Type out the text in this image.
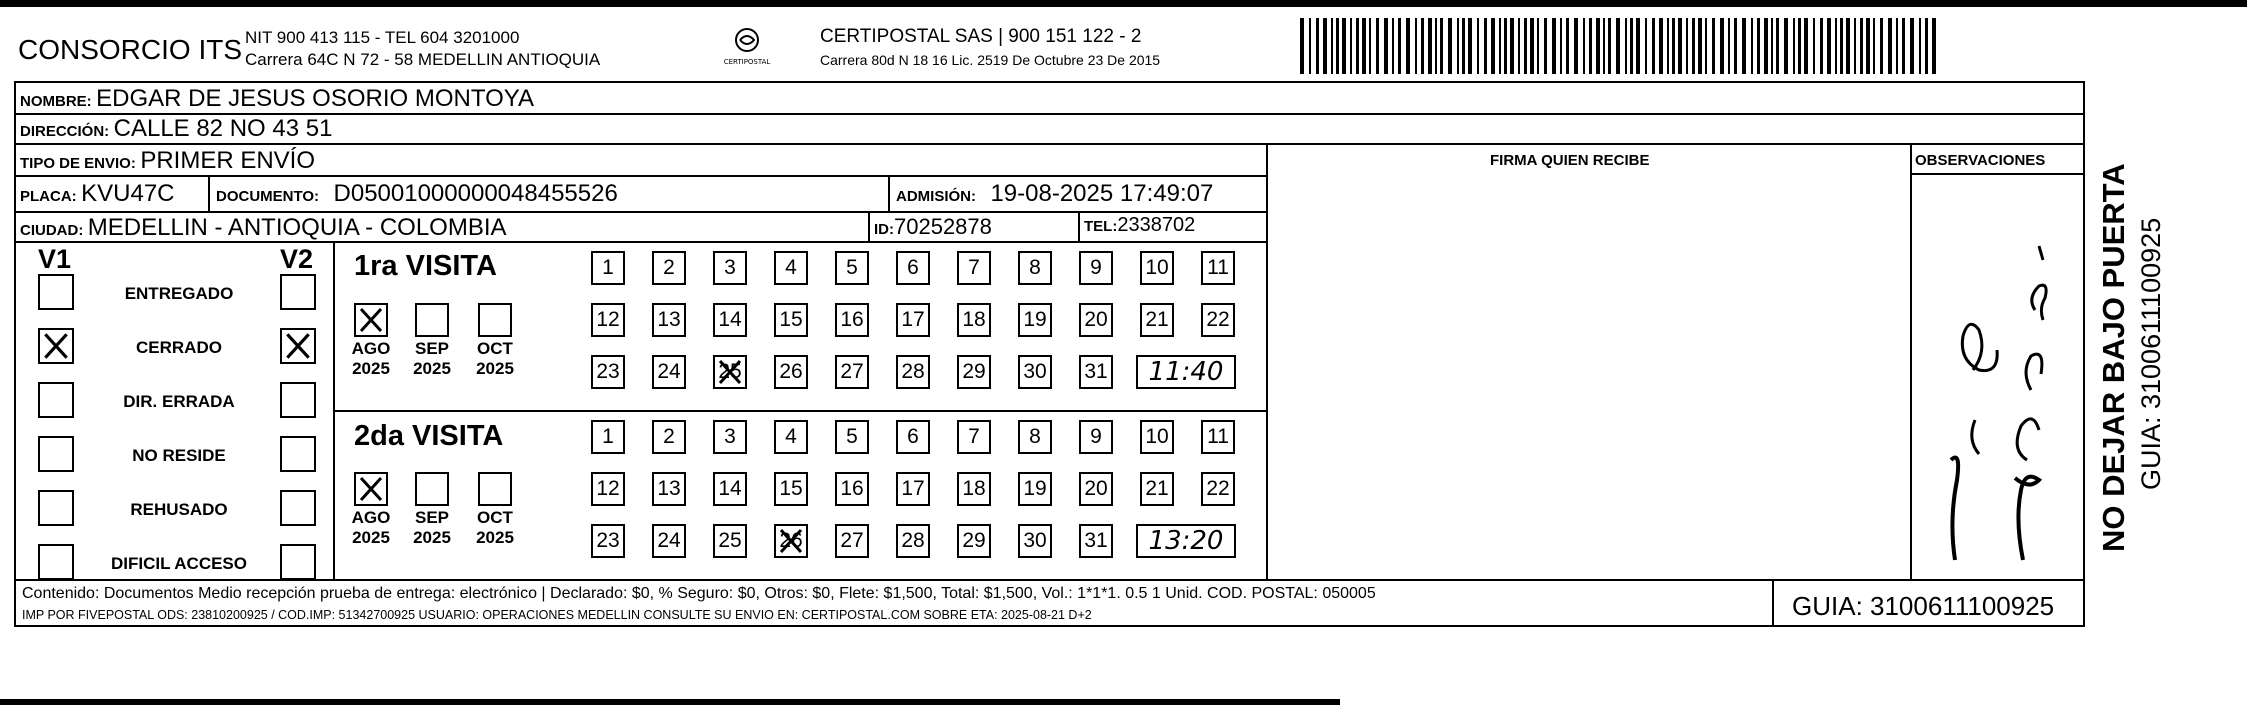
CONSORCIO ITS NIT 900 413 115 - TEL 604 3201000
Carrera 64C N 72 - 58 MEDELLIN ANTIOQUIA	CERTIPOSTAL
CERTIPOSTAL SAS | 900 151 122 - 2
Carrera 80d N 18 16 Lic. 2519 De Octubre 23 De 2015
NOMBRE: EDGAR DE JESUS OSORIO MONTOYA
DIRECCIÓN: CALLE 82 NO 43 51
TIPO DE ENVIO: PRIMER ENVÍO	FIRMA QUIEN RECIBE	OBSERVACIONES
PLACA: KVU47C	DOCUMENTO: D05001000000048455526	ADMISIÓN: 19-08-2025 17:49:07
CIUDAD: MEDELLIN - ANTIOQUIA - COLOMBIA	ID:70252878	TEL:2338702
V1	V2
ENTREGADO
CERRADO
DIR. ERRADA
NO RESIDE
REHUSADO
DIFICIL ACCESO
1ra VISITA
AGO
2025
SEP
2025
OCT
2025
1	2	3	4	5	6	7	8	9	10 11
12 13 14 15 16 17 18 19 20 21 22
23 24 25 26 27 28 29 30 31	11:40
2da VISITA
AGO
2025
SEP
2025
OCT
2025
1	2	3	4	5	6	7	8	9	10 11
12 13 14 15 16 17 18 19 20 21 22
23 24 25 26 27 28 29 30 31	13:20	NO DEJAR BAJO PUERTA GUIA: 3100611100925
Contenido: Documentos Medio recepción prueba de entrega: electrónico | Declarado: $0, % Seguro: $0, Otros: $0, Flete: $1,500, Total: $1,500, Vol.: 1*1*1. 0.5 1 Unid. COD. POSTAL: 050005
IMP POR FIVEPOSTAL ODS: 23810200925 / COD.IMP: 51342700925 USUARIO: OPERACIONES MEDELLIN CONSULTE SU ENVIO EN: CERTIPOSTAL.COM SOBRE ETA: 2025-08-21 D+2	GUIA: 3100611100925
